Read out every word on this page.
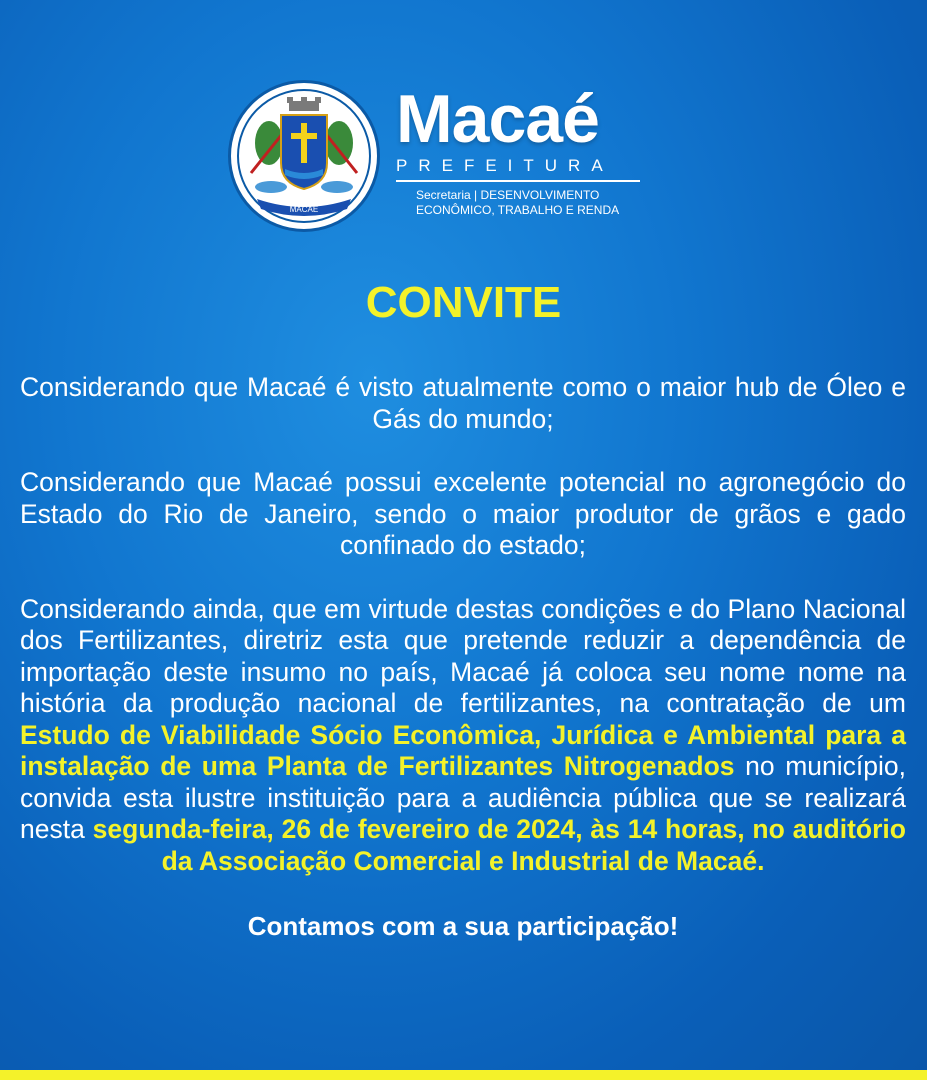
MACAÉ
Macaé
PREFEITURA
Secretaria | DESENVOLVIMENTO
ECONÔMICO, TRABALHO E RENDA
CONVITE

Considerando que Macaé é visto atualmente como o maior hub de Óleo e Gás do mundo;

Considerando que Macaé possui excelente potencial no agronegócio do Estado do Rio de Janeiro, sendo o maior produtor de grãos e gado confinado do estado;

Considerando ainda, que em virtude destas condições e do Plano Nacional dos Fertilizantes, diretriz esta que pretende reduzir a dependência de importação deste insumo no país, Macaé já coloca seu nome nome na história da produção nacional de fertilizantes, na contratação de um Estudo de Viabilidade Sócio Econômica, Jurídica e Ambiental para a instalação de uma Planta de Fertilizantes Nitrogenados no município, convida esta ilustre instituição para a audiência pública que se realizará nesta segunda-feira, 26 de fevereiro de 2024, às 14 horas, no auditório da Associação Comercial e Industrial de Macaé.

Contamos com a sua participação!
